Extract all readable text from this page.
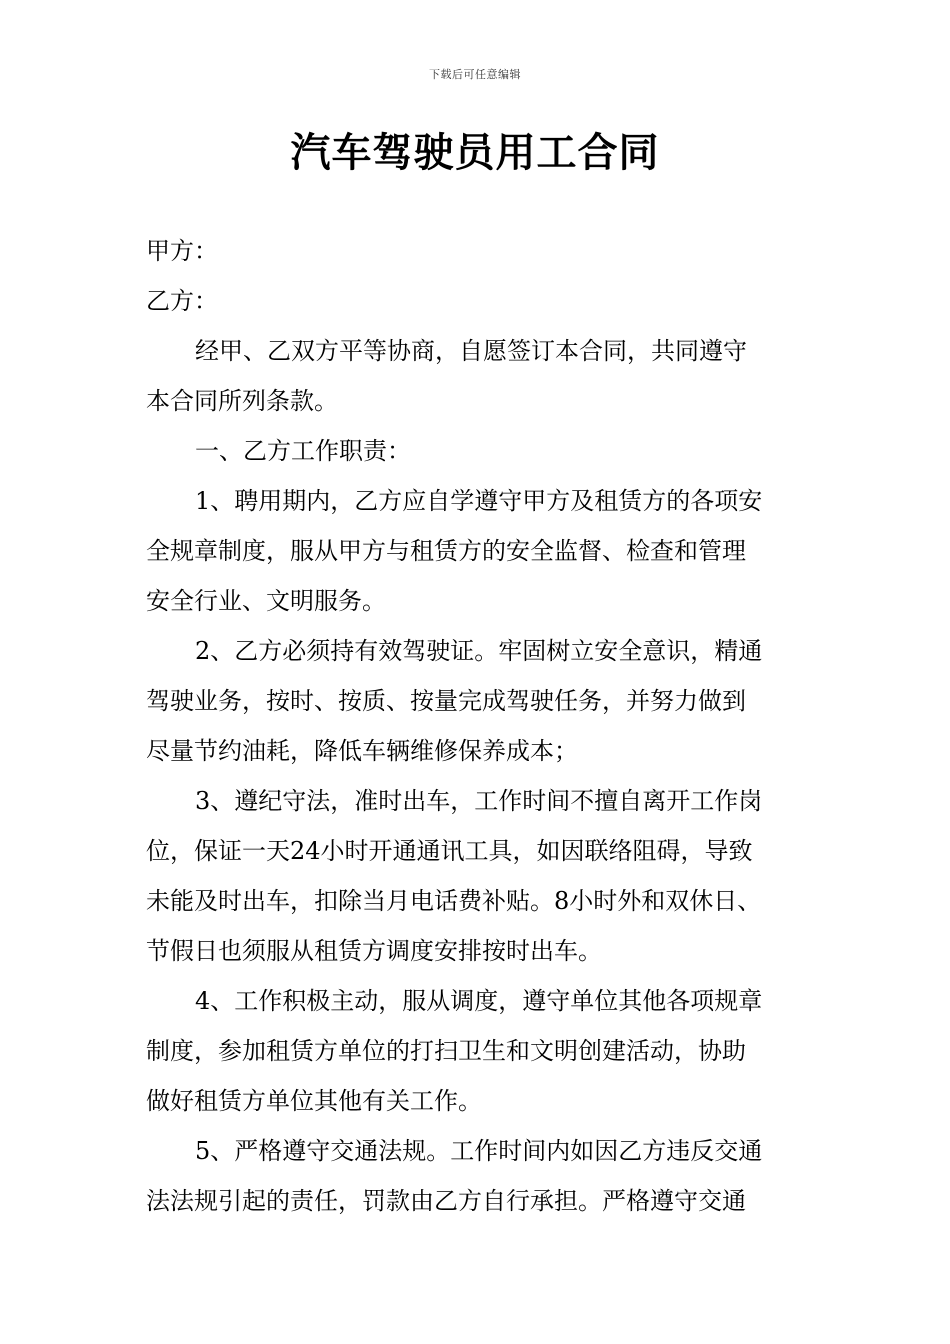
下载后可任意编辑
汽车驾驶员用工合同

甲方：

乙方：

经甲、乙双方平等协商，自愿签订本合同，共同遵守
本合同所列条款。

一、乙方工作职责：

1、聘用期内，乙方应自学遵守甲方及租赁方的各项安
全规章制度，服从甲方与租赁方的安全监督、检查和管理
安全行业、文明服务。

2、乙方必须持有效驾驶证。牢固树立安全意识，精通
驾驶业务，按时、按质、按量完成驾驶任务，并努力做到
尽量节约油耗，降低车辆维修保养成本；

3、遵纪守法，准时出车，工作时间不擅自离开工作岗
位，保证一天24小时开通通讯工具，如因联络阻碍，导致
未能及时出车，扣除当月电话费补贴。8小时外和双休日、
节假日也须服从租赁方调度安排按时出车。

4、工作积极主动，服从调度，遵守单位其他各项规章
制度，参加租赁方单位的打扫卫生和文明创建活动，协助
做好租赁方单位其他有关工作。

5、严格遵守交通法规。工作时间内如因乙方违反交通
法法规引起的责任，罚款由乙方自行承担。严格遵守交通
